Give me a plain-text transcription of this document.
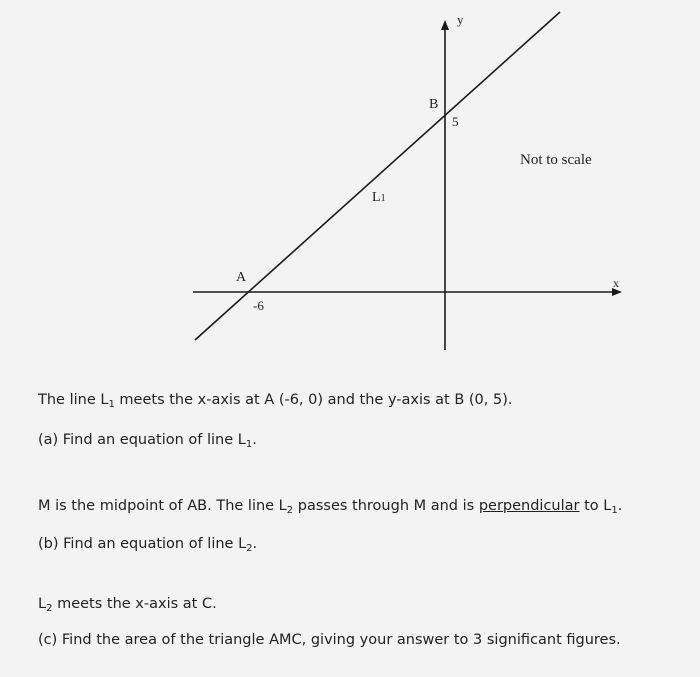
y
x
B
5
A
-6
L1
Not to scale

The line $L_1$ meets the x-axis at A (-6, 0) and the y-axis at B (0, 5).

(a) Find an equation of line $L_1$.

M is the midpoint of AB. The line $L_2$ passes through M and is perpendicular to $L_1$.

(b) Find an equation of line $L_2$.

$L_2$ meets the x-axis at C.

(c) Find the area of the triangle AMC, giving your answer to 3 significant figures.
